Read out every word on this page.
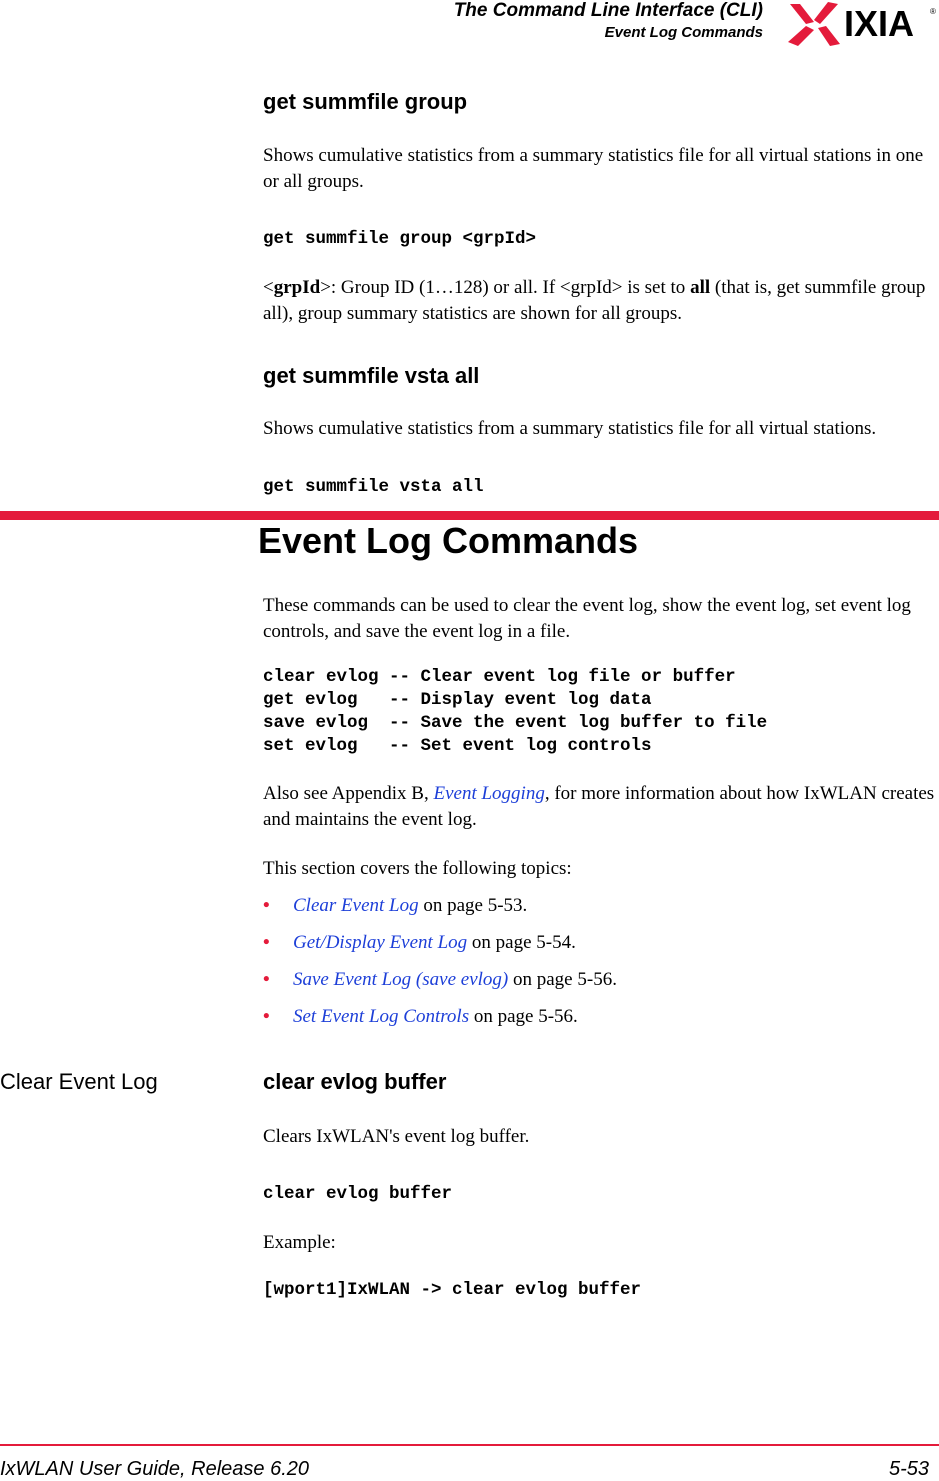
The Command Line Interface (CLI)
Event Log Commands IXIA ®
get summfile group
Shows cumulative statistics from a summary statistics file for all virtual stations in one or all groups.
get summfile group <grpId>
<grpId>: Group ID (1…128) or all. If <grpId> is set to all (that is, get summfile group all), group summary statistics are shown for all groups.
get summfile vsta all
Shows cumulative statistics from a summary statistics file for all virtual stations.
get summfile vsta all
Event Log Commands
These commands can be used to clear the event log, show the event log, set event log controls, and save the event log in a file.
clear evlog -- Clear event log file or buffer
get evlog   -- Display event log data
save evlog  -- Save the event log buffer to file
set evlog   -- Set event log controls
Also see Appendix B, Event Logging, for more information about how IxWLAN creates and maintains the event log.
This section covers the following topics:
• Clear Event Log on page 5-53.
• Get/Display Event Log on page 5-54.
• Save Event Log (save evlog) on page 5-56.
• Set Event Log Controls on page 5-56.
Clear Event Log	clear evlog buffer
Clears IxWLAN's event log buffer.
clear evlog buffer
Example:
[wport1]IxWLAN -> clear evlog buffer
IxWLAN User Guide, Release 6.20	5-53
